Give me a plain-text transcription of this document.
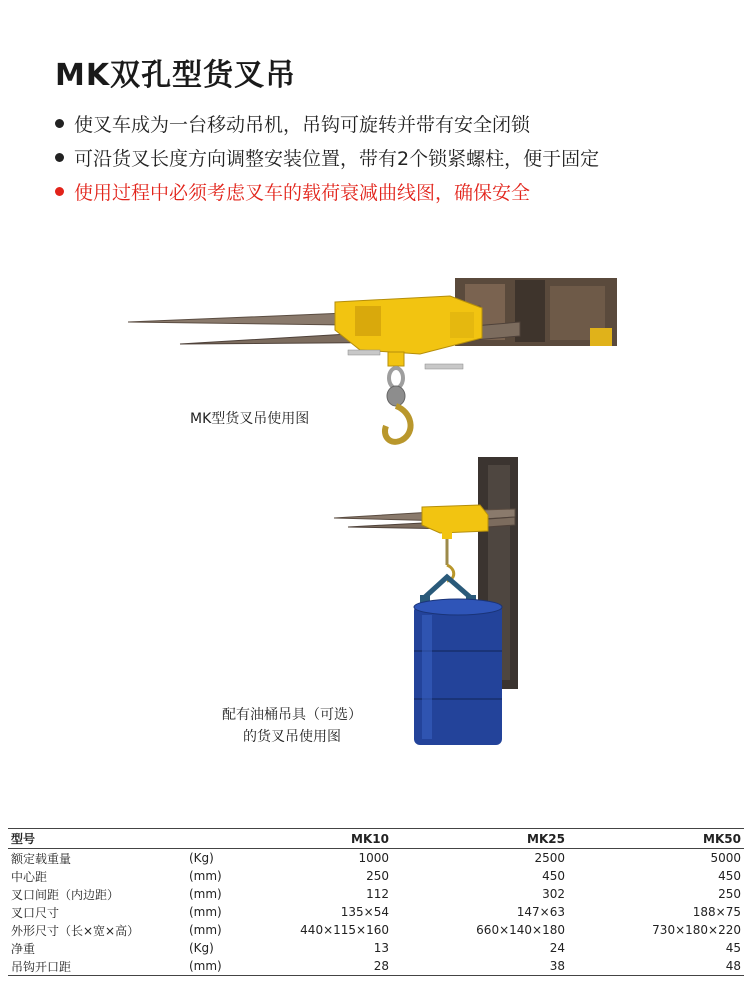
MK双孔型货叉吊
使叉车成为一台移动吊机，吊钩可旋转并带有安全闭锁
可沿货叉长度方向调整安装位置，带有2个锁紧螺柱，便于固定
使用过程中必须考虑叉车的载荷衰减曲线图，确保安全
MK型货叉吊使用图
配有油桶吊具（可选）
的货叉吊使用图
型号		MK10	MK25	MK50
额定载重量	(Kg)	1000	2500	5000
中心距	(mm)	250	450	450
叉口间距（内边距）	(mm)	112	302	250
叉口尺寸	(mm)	135×54	147×63	188×75
外形尺寸（长×宽×高）	(mm)	440×115×160	660×140×180	730×180×220
净重	(Kg)	13	24	45
吊钩开口距	(mm)	28	38	48
